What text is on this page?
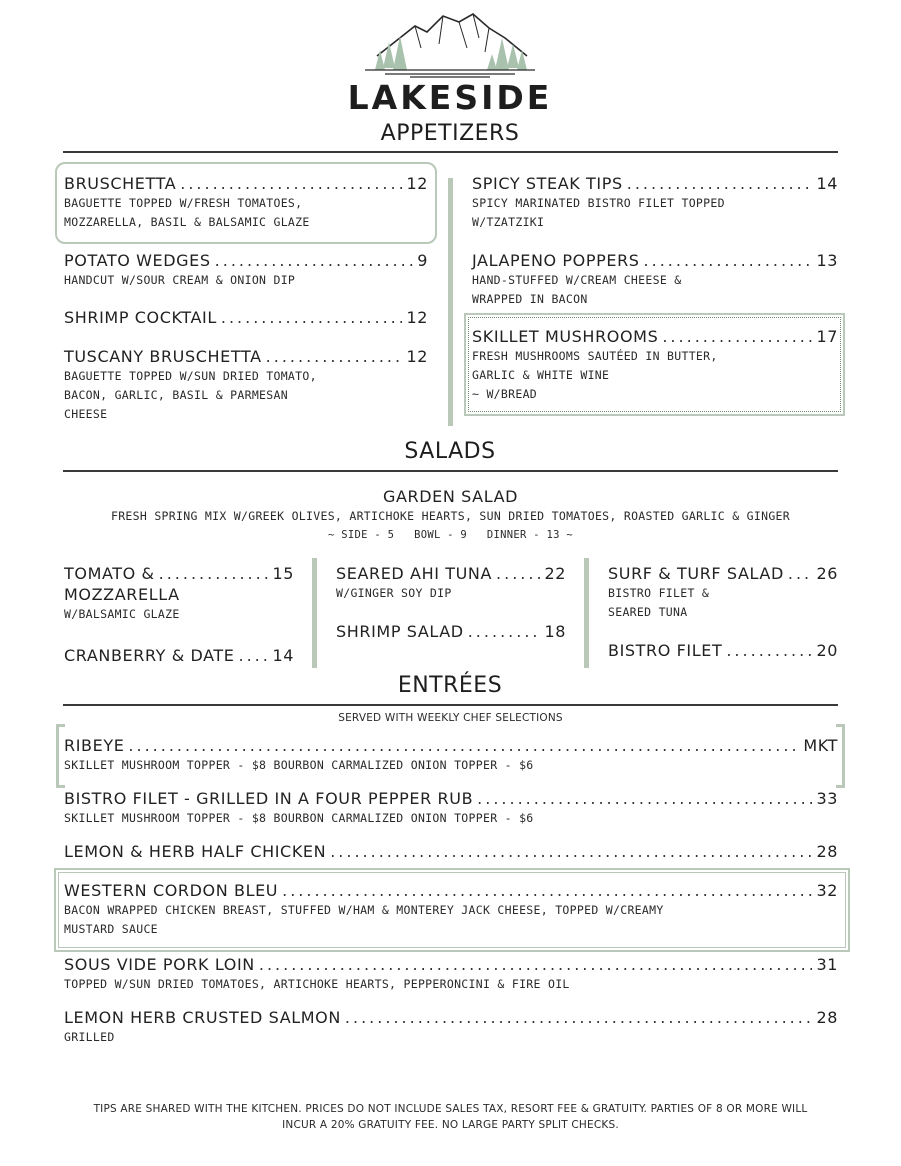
LAKESIDE
APPETIZERS
BRUSCHETTA .....	12
BAGUETTE TOPPED W/FRESH TOMATOES,
MOZZARELLA, BASIL & BALSAMIC GLAZE
POTATO WEDGES .....	9
HANDCUT W/SOUR CREAM & ONION DIP
SHRIMP COCKTAIL .....	12
TUSCANY BRUSCHETTA .....	12
BAGUETTE TOPPED W/SUN DRIED TOMATO,
BACON, GARLIC, BASIL & PARMESAN
CHEESE
SPICY STEAK TIPS .....	14
SPICY MARINATED BISTRO FILET TOPPED
W/TZATZIKI
JALAPENO POPPERS .....	13
HAND-STUFFED W/CREAM CHEESE &
WRAPPED IN BACON
SKILLET MUSHROOMS .....	17
FRESH MUSHROOMS SAUTÉED IN BUTTER,
GARLIC & WHITE WINE
~ W/BREAD
SALADS
GARDEN SALAD
FRESH SPRING MIX W/GREEK OLIVES, ARTICHOKE HEARTS, SUN DRIED TOMATOES, ROASTED GARLIC & GINGER
~ SIDE - 5   BOWL - 9   DINNER - 13 ~
TOMATO & .....	15
MOZZARELLA
W/BALSAMIC GLAZE
CRANBERRY & DATE ..... 14
SEARED AHI TUNA .....	22
W/GINGER SOY DIP
SHRIMP SALAD .....	18
SURF & TURF SALAD ..... 26
BISTRO FILET &
SEARED TUNA
BISTRO FILET .....	20
ENTRÉES
SERVED WITH WEEKLY CHEF SELECTIONS
RIBEYE .....	MKT
SKILLET MUSHROOM TOPPER - $8 BOURBON CARMALIZED ONION TOPPER - $6
BISTRO FILET - GRILLED IN A FOUR PEPPER RUB .....	33
SKILLET MUSHROOM TOPPER - $8 BOURBON CARMALIZED ONION TOPPER - $6
LEMON & HERB HALF CHICKEN .....	28
WESTERN CORDON BLEU .....	32
BACON WRAPPED CHICKEN BREAST, STUFFED W/HAM & MONTEREY JACK CHEESE, TOPPED W/CREAMY
MUSTARD SAUCE
SOUS VIDE PORK LOIN .....	31
TOPPED W/SUN DRIED TOMATOES, ARTICHOKE HEARTS, PEPPERONCINI & FIRE OIL
LEMON HERB CRUSTED SALMON .....	28
GRILLED
TIPS ARE SHARED WITH THE KITCHEN. PRICES DO NOT INCLUDE SALES TAX, RESORT FEE & GRATUITY. PARTIES OF 8 OR MORE WILL
INCUR A 20% GRATUITY FEE. NO LARGE PARTY SPLIT CHECKS.
